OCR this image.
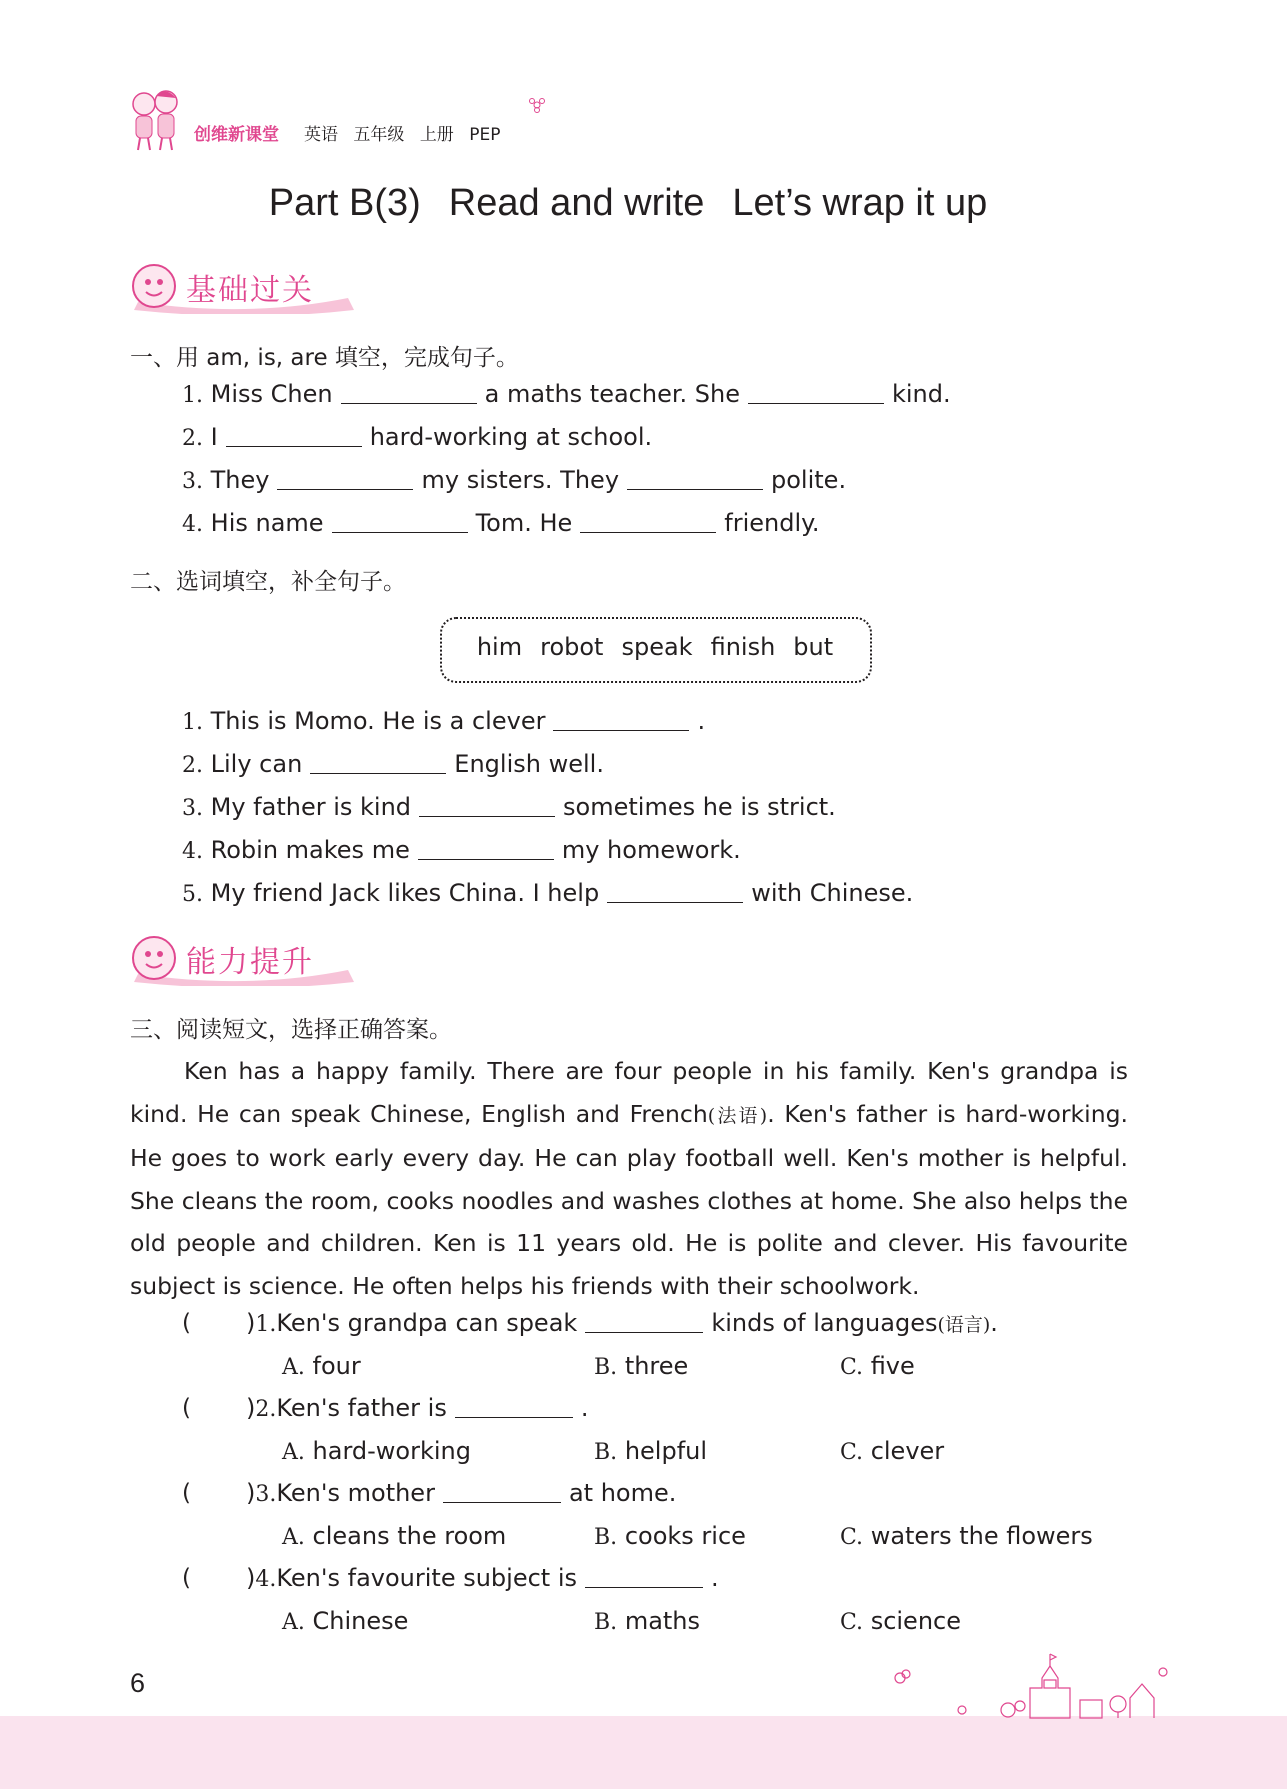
创维新课堂 英语 五年级 上册 PEP
Part B(3) Read and write Let’s wrap it up
基础过关
一、用 am, is, are 填空，完成句子。
1. Miss Chen	a maths teacher. She	kind.
2. I	hard-working at school.
3. They	my sisters. They	polite.
4. His name	Tom. He	friendly.
二、选词填空，补全句子。
him robot speak finish but
1. This is Momo. He is a clever	.
2. Lily can	English well.
3. My father is kind	sometimes he is strict.
4. Robin makes me	my homework.
5. My friend Jack likes China. I help	with Chinese.
能力提升
三、阅读短文，选择正确答案。
Ken has a happy family. There are four people in his family. Ken's grandpa is
kind. He can speak Chinese, English and French(法语). Ken's father is hard-working.
He goes to work early every day. He can play football well. Ken's mother is helpful.
She cleans the room, cooks noodles and washes clothes at home. She also helps the
old people and children. Ken is 11 years old. He is polite and clever. His favourite
subject is science. He often helps his friends with their schoolwork.
( )1.Ken's grandpa can speak	kinds of languages(语言).
A. four	B. three	C. five
( )2.Ken's father is	.
A. hard-working	B. helpful	C. clever
( )3.Ken's mother	at home.
A. cleans the room	B. cooks rice	C. waters the flowers
( )4.Ken's favourite subject is	.
A. Chinese	B. maths	C. science
6
